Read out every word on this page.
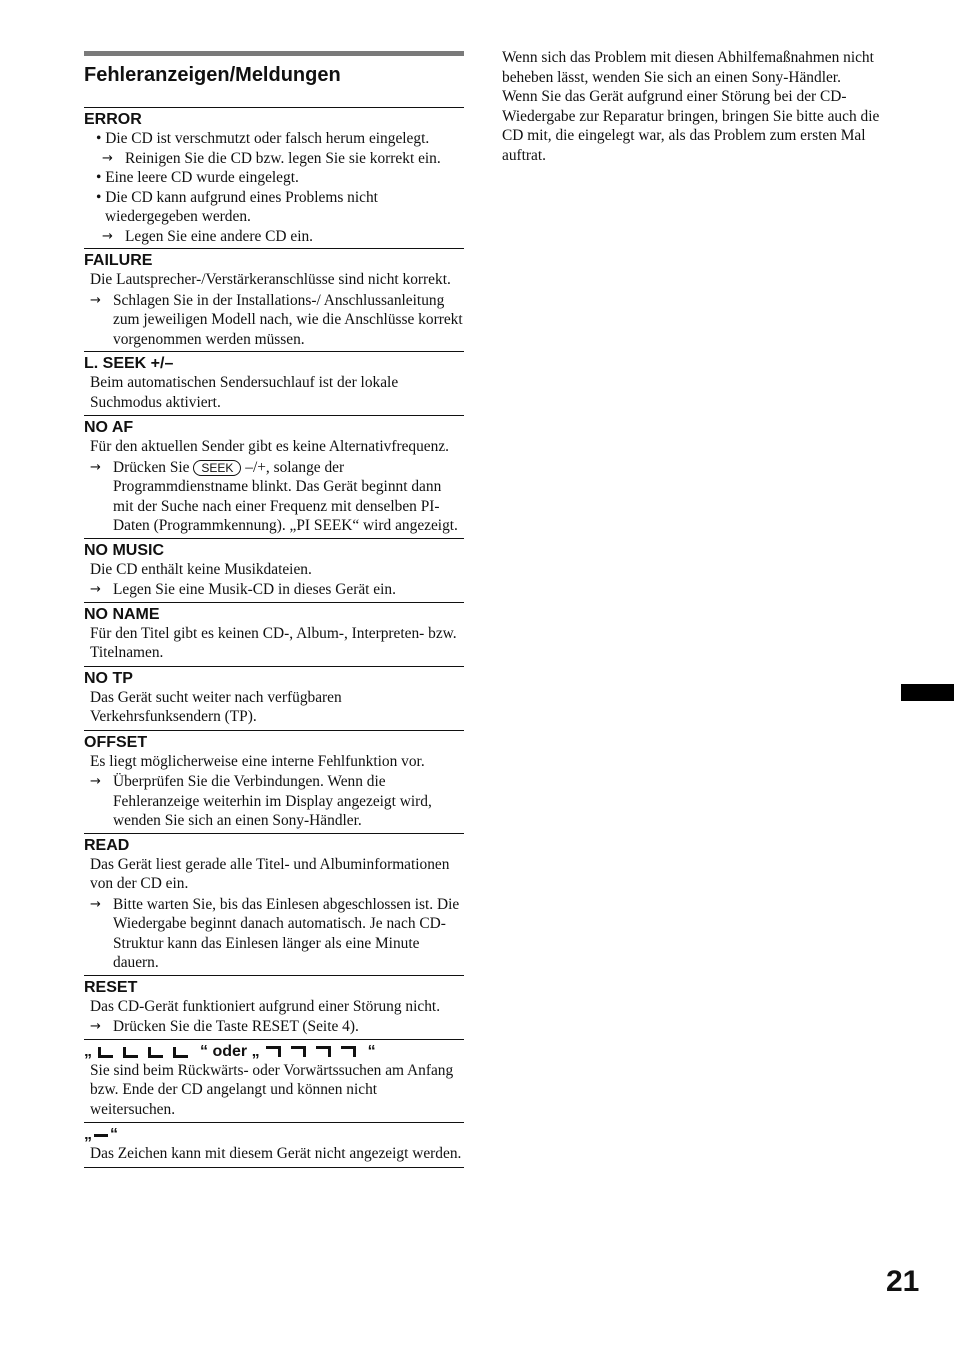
Fehleranzeigen/Meldungen
ERROR
• Die CD ist verschmutzt oder falsch herum eingelegt.
→ Reinigen Sie die CD bzw. legen Sie sie korrekt ein.
• Eine leere CD wurde eingelegt.
• Die CD kann aufgrund eines Problems nicht wiedergegeben werden.
→ Legen Sie eine andere CD ein.
FAILURE
Die Lautsprecher-/Verstärkeranschlüsse sind nicht korrekt.
→ Schlagen Sie in der Installations-/ Anschlussanleitung zum jeweiligen Modell nach, wie die Anschlüsse korrekt vorgenommen werden müssen.
L. SEEK +/–
Beim automatischen Sendersuchlauf ist der lokale Suchmodus aktiviert.
NO AF
Für den aktuellen Sender gibt es keine Alternativfrequenz.
→ Drücken Sie SEEK –/+, solange der Programmdienstname blinkt. Das Gerät beginnt dann mit der Suche nach einer Frequenz mit denselben PI-Daten (Programmkennung). „PI SEEK“ wird angezeigt.
NO MUSIC
Die CD enthält keine Musikdateien.
→ Legen Sie eine Musik-CD in dieses Gerät ein.
NO NAME
Für den Titel gibt es keinen CD-, Album-, Interpreten- bzw. Titelnamen.
NO TP
Das Gerät sucht weiter nach verfügbaren Verkehrsfunksendern (TP).
OFFSET
Es liegt möglicherweise eine interne Fehlfunktion vor.
→ Überprüfen Sie die Verbindungen. Wenn die Fehleranzeige weiterhin im Display angezeigt wird, wenden Sie sich an einen Sony-Händler.
READ
Das Gerät liest gerade alle Titel- und Albuminformationen von der CD ein.
→ Bitte warten Sie, bis das Einlesen abgeschlossen ist. Die Wiedergabe beginnt danach automatisch. Je nach CD-Struktur kann das Einlesen länger als eine Minute dauern.
RESET
Das CD-Gerät funktioniert aufgrund einer Störung nicht.
→ Drücken Sie die Taste RESET (Seite 4).
„	“ oder „	“
Sie sind beim Rückwärts- oder Vorwärtssuchen am Anfang bzw. Ende der CD angelangt und können nicht weitersuchen.
„ “
Das Zeichen kann mit diesem Gerät nicht angezeigt werden.

Wenn sich das Problem mit diesen Abhilfemaßnahmen nicht beheben lässt, wenden Sie sich an einen Sony-Händler.

Wenn Sie das Gerät aufgrund einer Störung bei der CD-Wiedergabe zur Reparatur bringen, bringen Sie bitte auch die CD mit, die eingelegt war, als das Problem zum ersten Mal auftrat.

21
